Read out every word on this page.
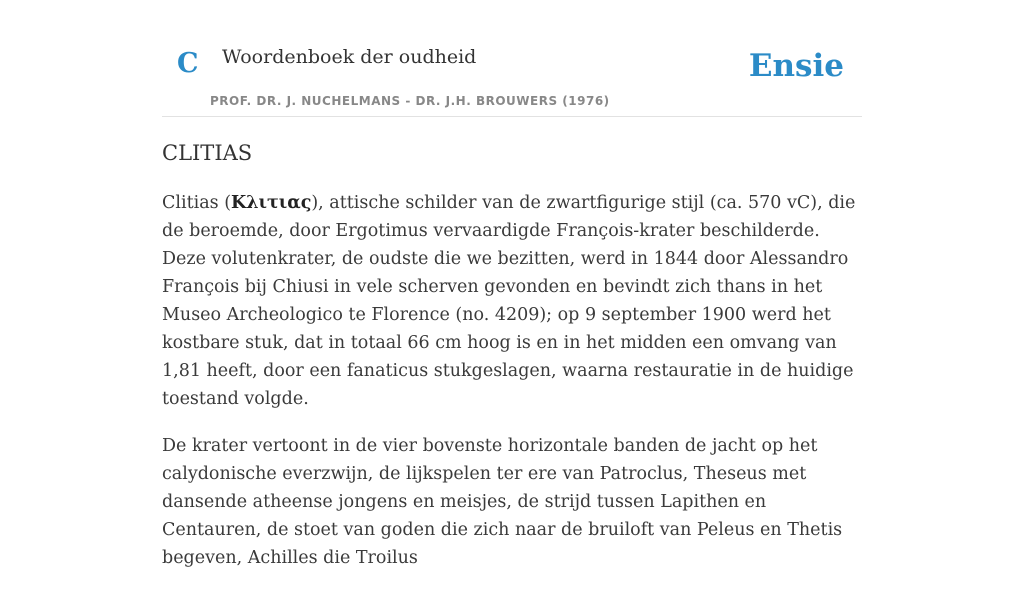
C Woordenboek der oudheid
PROF. DR. J. NUCHELMANS - DR. J.H. BROUWERS (1976)
Ensie
CLITIAS

Clitias (Κλιτιας), attische schilder van de zwartfigurige stijl (ca. 570 vC), die de beroemde, door Ergotimus vervaardigde François-krater beschilderde. Deze volutenkrater, de oudste die we bezitten, werd in 1844 door Alessandro François bij Chiusi in vele scherven gevonden en bevindt zich thans in het Museo Archeologico te Florence (no. 4209); op 9 september 1900 werd het kostbare stuk, dat in totaal 66 cm hoog is en in het midden een omvang van 1,81 heeft, door een fanaticus stukgeslagen, waarna restauratie in de huidige toestand volgde.

De krater vertoont in de vier bovenste horizontale banden de jacht op het calydonische everzwijn, de lijkspelen ter ere van Patroclus, Theseus met dansende atheense jongens en meisjes, de strijd tussen Lapithen en Centauren, de stoet van goden die zich naar de bruiloft van Peleus en Thetis begeven, Achilles die Troilus
